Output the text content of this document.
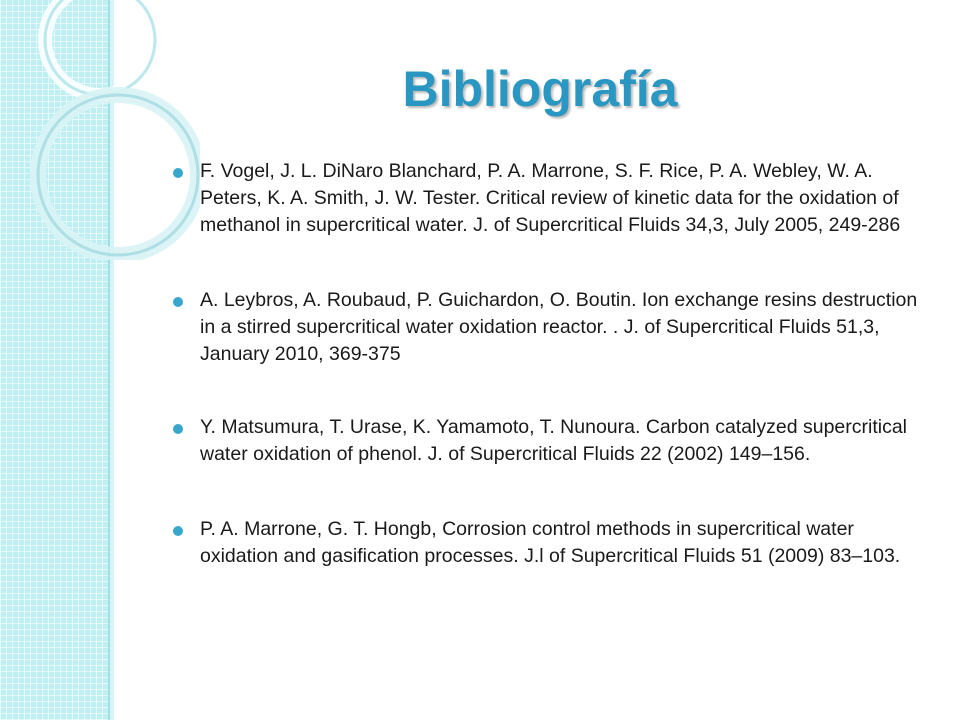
Bibliografía
F. Vogel, J. L. DiNaro Blanchard, P. A. Marrone, S. F. Rice, P. A. Webley, W. A. Peters, K. A. Smith, J. W. Tester. Critical review of kinetic data for the oxidation of methanol in supercritical water. J. of Supercritical Fluids 34,3, July 2005, 249-286
A. Leybros, A. Roubaud, P. Guichardon, O. Boutin. Ion exchange resins destruction in a stirred supercritical water oxidation reactor. . J. of Supercritical Fluids 51,3, January 2010, 369-375
Y. Matsumura, T. Urase, K. Yamamoto, T. Nunoura. Carbon catalyzed supercritical water oxidation of phenol. J. of Supercritical Fluids 22 (2002) 149–156.
P. A. Marrone, G. T. Hongb, Corrosion control methods in supercritical water oxidation and gasification processes. J.l of Supercritical Fluids 51 (2009) 83–103.
